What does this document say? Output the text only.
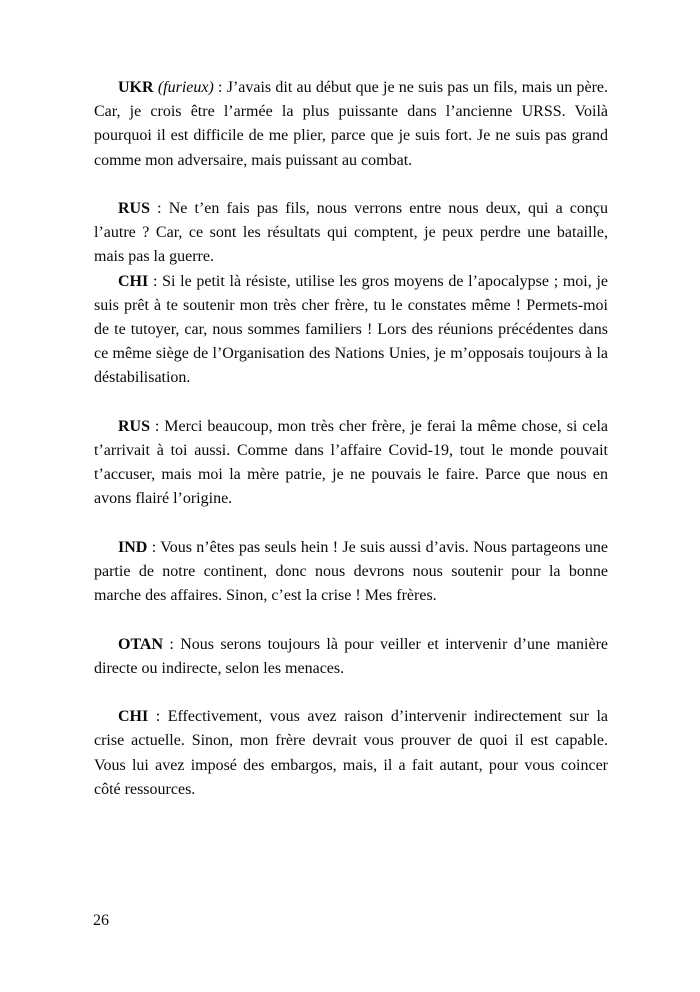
UKR (furieux) : J’avais dit au début que je ne suis pas un fils, mais un père. Car, je crois être l’armée la plus puissante dans l’ancienne URSS. Voilà pourquoi il est difficile de me plier, parce que je suis fort. Je ne suis pas grand comme mon adversaire, mais puissant au combat.

RUS : Ne t’en fais pas fils, nous verrons entre nous deux, qui a conçu l’autre ? Car, ce sont les résultats qui comptent, je peux perdre une bataille, mais pas la guerre.

CHI : Si le petit là résiste, utilise les gros moyens de l’apocalypse ; moi, je suis prêt à te soutenir mon très cher frère, tu le constates même ! Permets-moi de te tutoyer, car, nous sommes familiers ! Lors des réunions précédentes dans ce même siège de l’Organisation des Nations Unies, je m’opposais toujours à la déstabilisation.

RUS : Merci beaucoup, mon très cher frère, je ferai la même chose, si cela t’arrivait à toi aussi. Comme dans l’affaire Covid-19, tout le monde pouvait t’accuser, mais moi la mère patrie, je ne pouvais le faire. Parce que nous en avons flairé l’origine.

IND : Vous n’êtes pas seuls hein ! Je suis aussi d’avis. Nous partageons une partie de notre continent, donc nous devrons nous soutenir pour la bonne marche des affaires. Sinon, c’est la crise ! Mes frères.

OTAN : Nous serons toujours là pour veiller et intervenir d’une manière directe ou indirecte, selon les menaces.

CHI : Effectivement, vous avez raison d’intervenir indirectement sur la crise actuelle. Sinon, mon frère devrait vous prouver de quoi il est capable. Vous lui avez imposé des embargos, mais, il a fait autant, pour vous coincer côté ressources.

26
